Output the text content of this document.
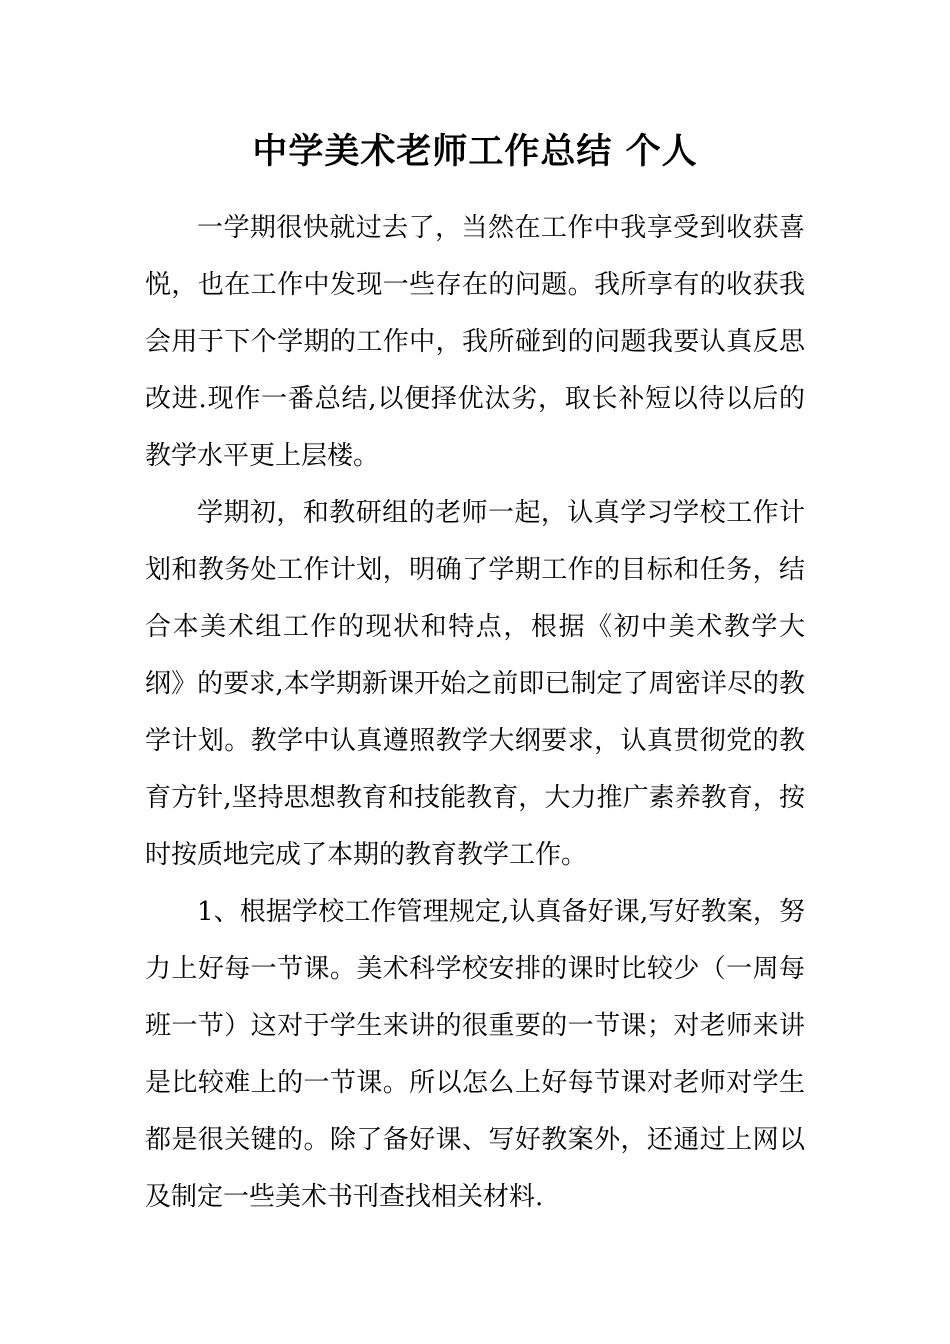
中学美术老师工作总结 个人

一学期很快就过去了，当然在工作中我享受到收获喜悦，也在工作中发现一些存在的问题。我所享有的收获我会用于下个学期的工作中，我所碰到的问题我要认真反思改进.现作一番总结,以便择优汰劣，取长补短以待以后的教学水平更上层楼。

学期初，和教研组的老师一起，认真学习学校工作计划和教务处工作计划，明确了学期工作的目标和任务，结合本美术组工作的现状和特点，根据《初中美术教学大纲》的要求,本学期新课开始之前即已制定了周密详尽的教学计划。教学中认真遵照教学大纲要求，认真贯彻党的教育方针,坚持思想教育和技能教育，大力推广素养教育，按时按质地完成了本期的教育教学工作。

1、根据学校工作管理规定,认真备好课,写好教案，努力上好每一节课。美术科学校安排的课时比较少（一周每班一节）这对于学生来讲的很重要的一节课；对老师来讲是比较难上的一节课。所以怎么上好每节课对老师对学生都是很关键的。除了备好课、写好教案外，还通过上网以及制定一些美术书刊查找相关材料.
